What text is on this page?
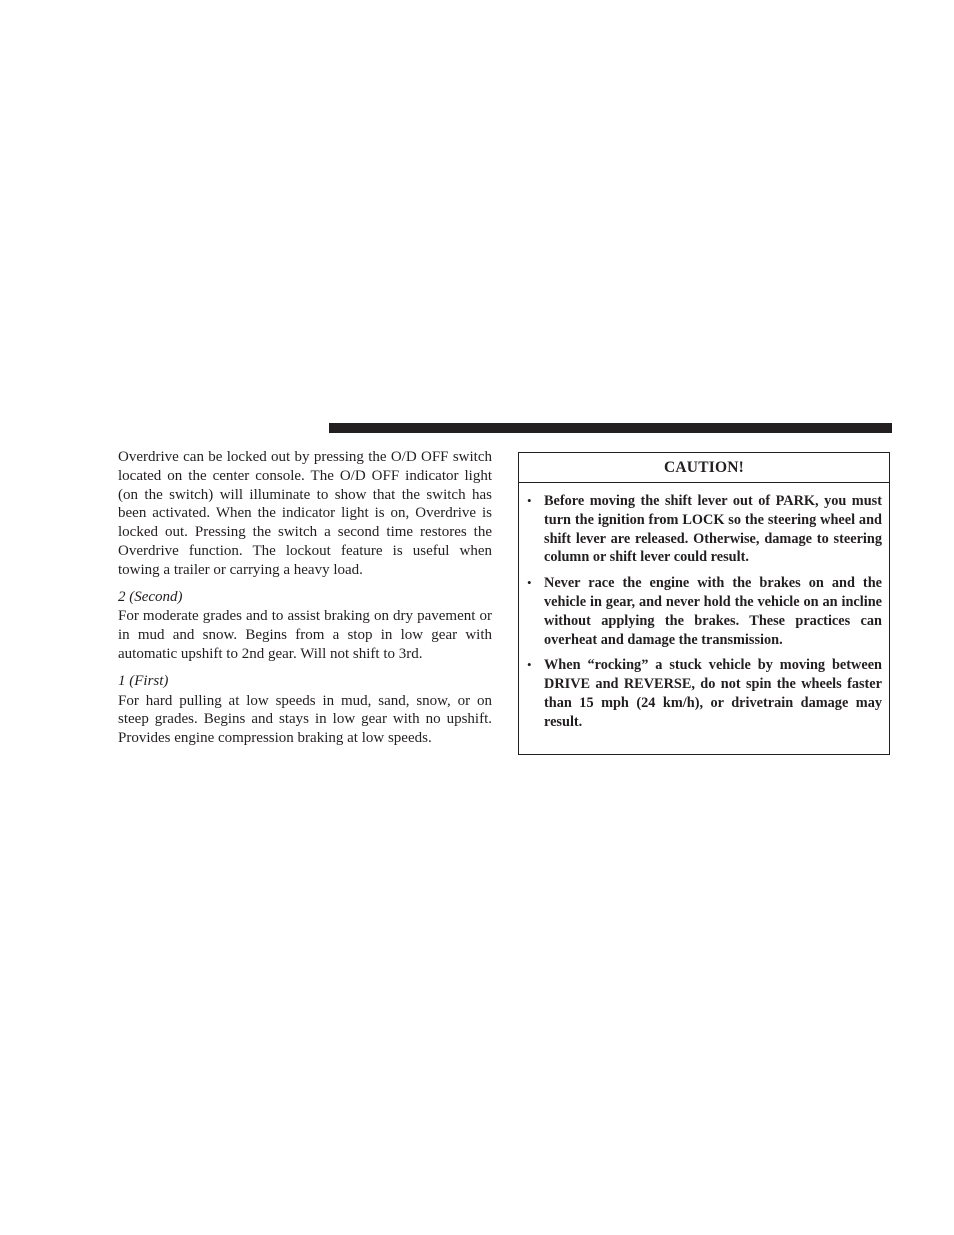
Overdrive can be locked out by pressing the O/D OFF switch located on the center console. The O/D OFF indicator light (on the switch) will illuminate to show that the switch has been activated. When the indicator light is on, Overdrive is locked out. Pressing the switch a second time restores the Overdrive function. The lockout feature is useful when towing a trailer or carrying a heavy load.

2 (Second)

For moderate grades and to assist braking on dry pavement or in mud and snow. Begins from a stop in low gear with automatic upshift to 2nd gear. Will not shift to 3rd.

1 (First)

For hard pulling at low speeds in mud, sand, snow, or on steep grades. Begins and stays in low gear with no upshift. Provides engine compression braking at low speeds.

CAUTION!
• Before moving the shift lever out of PARK, you must turn the ignition from LOCK so the steering wheel and shift lever are released. Otherwise, damage to steering column or shift lever could result.
• Never race the engine with the brakes on and the vehicle in gear, and never hold the vehicle on an incline without applying the brakes. These practices can overheat and damage the transmission.
• When “rocking” a stuck vehicle by moving between DRIVE and REVERSE, do not spin the wheels faster than 15 mph (24 km/h), or drivetrain damage may result.
